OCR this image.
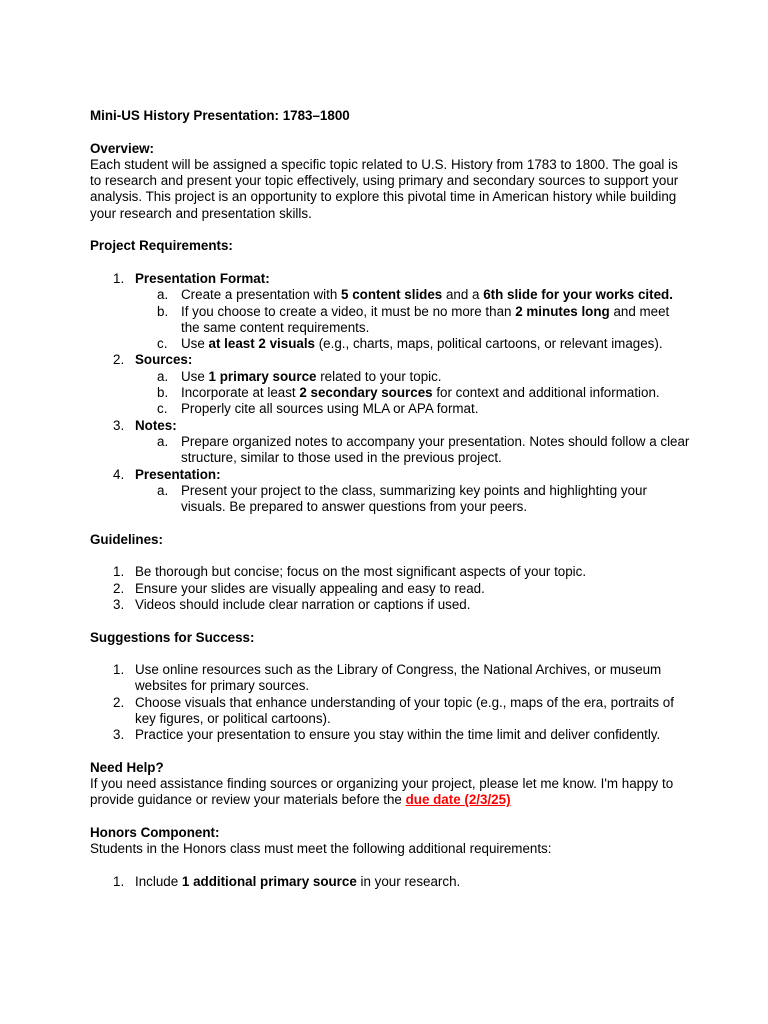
Mini-US History Presentation: 1783–1800
Overview:

Each student will be assigned a specific topic related to U.S. History from 1783 to 1800. The goal is to research and present your topic effectively, using primary and secondary sources to support your analysis. This project is an opportunity to explore this pivotal time in American history while building your research and presentation skills.

Project Requirements:
1. Presentation Format:
a. Create a presentation with 5 content slides and a 6th slide for your works cited.
b. If you choose to create a video, it must be no more than 2 minutes long and meet the same content requirements.
c. Use at least 2 visuals (e.g., charts, maps, political cartoons, or relevant images).
2. Sources:
a. Use 1 primary source related to your topic.
b. Incorporate at least 2 secondary sources for context and additional information.
c. Properly cite all sources using MLA or APA format.
3. Notes:
a. Prepare organized notes to accompany your presentation. Notes should follow a clear structure, similar to those used in the previous project.
4. Presentation:
a. Present your project to the class, summarizing key points and highlighting your visuals. Be prepared to answer questions from your peers.
Guidelines:
1. Be thorough but concise; focus on the most significant aspects of your topic.
2. Ensure your slides are visually appealing and easy to read.
3. Videos should include clear narration or captions if used.
Suggestions for Success:
1. Use online resources such as the Library of Congress, the National Archives, or museum websites for primary sources.
2. Choose visuals that enhance understanding of your topic (e.g., maps of the era, portraits of key figures, or political cartoons).
3. Practice your presentation to ensure you stay within the time limit and deliver confidently.
Need Help?

If you need assistance finding sources or organizing your project, please let me know. I'm happy to provide guidance or review your materials before the due date (2/3/25)

Honors Component:

Students in the Honors class must meet the following additional requirements:

1. Include 1 additional primary source in your research.
